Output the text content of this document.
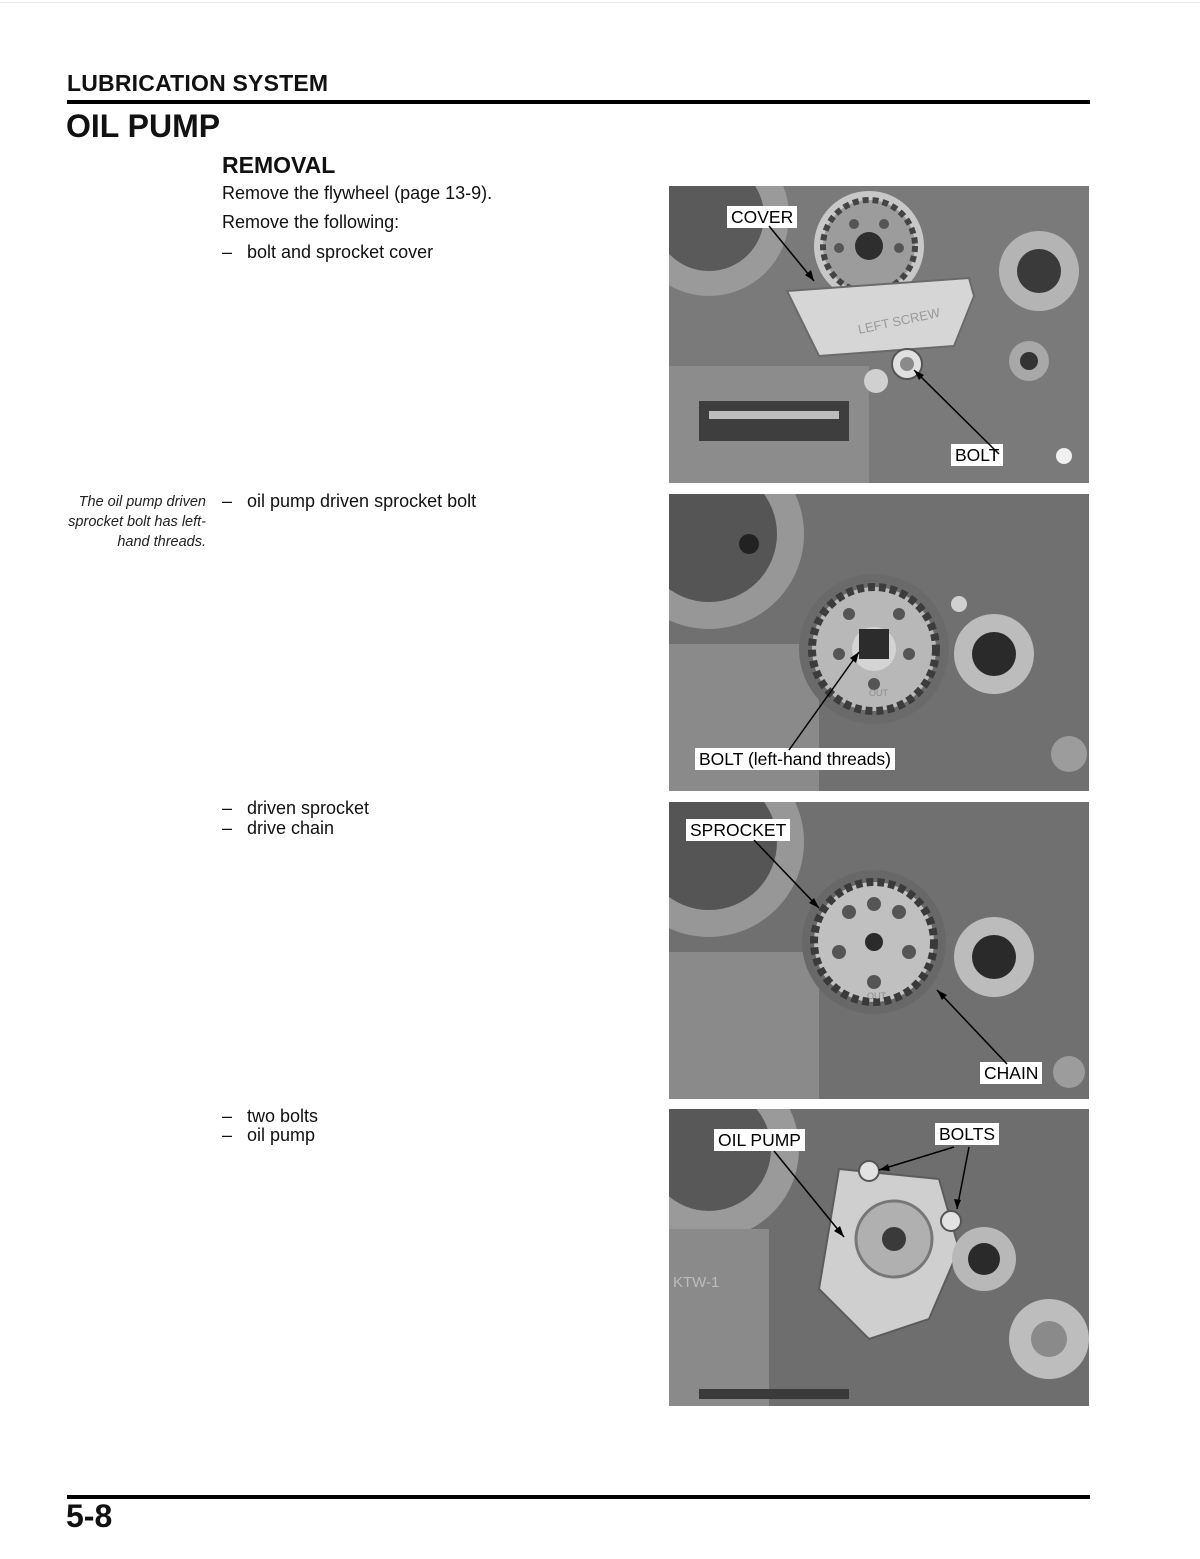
LUBRICATION SYSTEM
OIL PUMP
REMOVAL
Remove the flywheel (page 13-9).
Remove the following:
– bolt and sprocket cover
The oil pump driven sprocket bolt has left-hand threads.
– oil pump driven sprocket bolt
– driven sprocket
– drive chain
– two bolts
– oil pump
LEFT SCREW
COVER
BOLT
OUT
BOLT (left-hand threads)
OUT
SPROCKET
CHAIN
KTW-1
OIL PUMP	BOLTS
5-8
